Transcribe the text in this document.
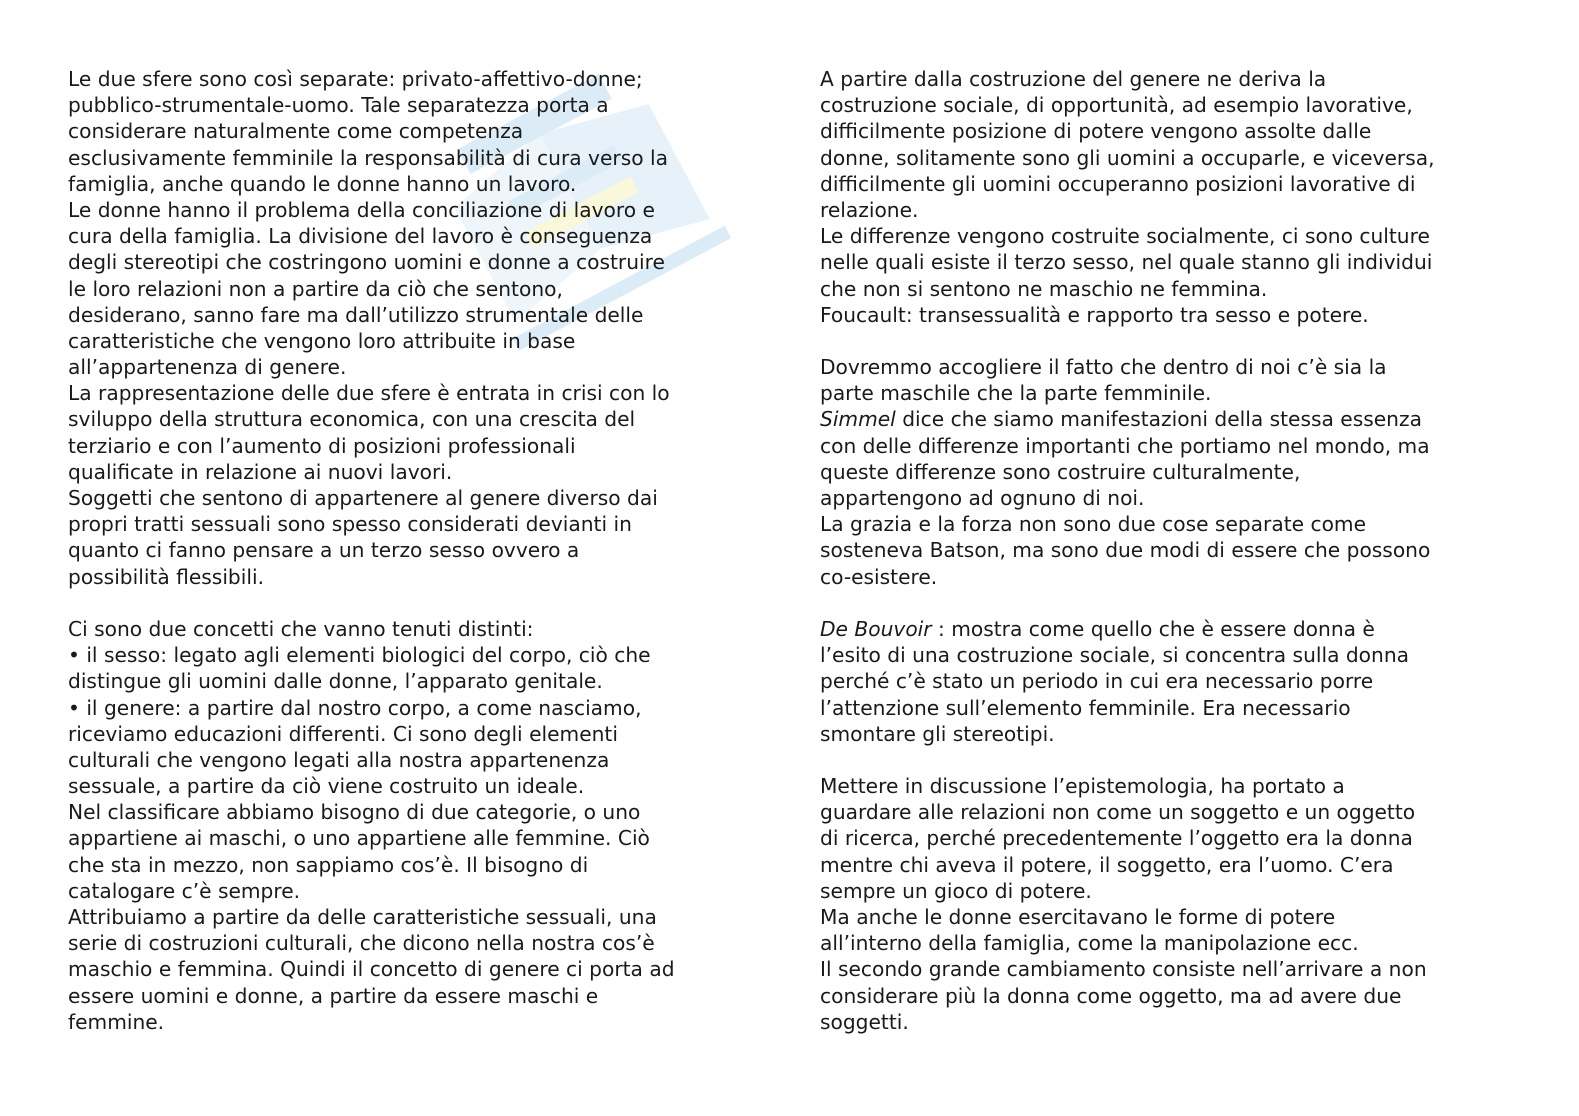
Le due sfere sono così separate: privato-affettivo-donne;
pubblico-strumentale-uomo. Tale separatezza porta a
considerare naturalmente come competenza
esclusivamente femminile la responsabilità di cura verso la
famiglia, anche quando le donne hanno un lavoro.
Le donne hanno il problema della conciliazione di lavoro e
cura della famiglia. La divisione del lavoro è conseguenza
degli stereotipi che costringono uomini e donne a costruire
le loro relazioni non a partire da ciò che sentono,
desiderano, sanno fare ma dall’utilizzo strumentale delle
caratteristiche che vengono loro attribuite in base
all’appartenenza di genere.
La rappresentazione delle due sfere è entrata in crisi con lo
sviluppo della struttura economica, con una crescita del
terziario e con l’aumento di posizioni professionali
qualificate in relazione ai nuovi lavori.
Soggetti che sentono di appartenere al genere diverso dai
propri tratti sessuali sono spesso considerati devianti in
quanto ci fanno pensare a un terzo sesso ovvero a
possibilità flessibili.
Ci sono due concetti che vanno tenuti distinti:
• il sesso: legato agli elementi biologici del corpo, ciò che
distingue gli uomini dalle donne, l’apparato genitale.
• il genere: a partire dal nostro corpo, a come nasciamo,
riceviamo educazioni differenti. Ci sono degli elementi
culturali che vengono legati alla nostra appartenenza
sessuale, a partire da ciò viene costruito un ideale.
Nel classificare abbiamo bisogno di due categorie, o uno
appartiene ai maschi, o uno appartiene alle femmine. Ciò
che sta in mezzo, non sappiamo cos’è. Il bisogno di
catalogare c’è sempre.
Attribuiamo a partire da delle caratteristiche sessuali, una
serie di costruzioni culturali, che dicono nella nostra cos’è
maschio e femmina. Quindi il concetto di genere ci porta ad
essere uomini e donne, a partire da essere maschi e
femmine.
A partire dalla costruzione del genere ne deriva la
costruzione sociale, di opportunità, ad esempio lavorative,
difficilmente posizione di potere vengono assolte dalle
donne, solitamente sono gli uomini a occuparle, e viceversa,
difficilmente gli uomini occuperanno posizioni lavorative di
relazione.
Le differenze vengono costruite socialmente, ci sono culture
nelle quali esiste il terzo sesso, nel quale stanno gli individui
che non si sentono ne maschio ne femmina.
Foucault: transessualità e rapporto tra sesso e potere.
Dovremmo accogliere il fatto che dentro di noi c’è sia la
parte maschile che la parte femminile.
Simmel dice che siamo manifestazioni della stessa essenza
con delle differenze importanti che portiamo nel mondo, ma
queste differenze sono costruire culturalmente,
appartengono ad ognuno di noi.
La grazia e la forza non sono due cose separate come
sosteneva Batson, ma sono due modi di essere che possono
co-esistere.
De Bouvoir : mostra come quello che è essere donna è
l’esito di una costruzione sociale, si concentra sulla donna
perché c’è stato un periodo in cui era necessario porre
l’attenzione sull’elemento femminile. Era necessario
smontare gli stereotipi.
Mettere in discussione l’epistemologia, ha portato a
guardare alle relazioni non come un soggetto e un oggetto
di ricerca, perché precedentemente l’oggetto era la donna
mentre chi aveva il potere, il soggetto, era l’uomo. C’era
sempre un gioco di potere.
Ma anche le donne esercitavano le forme di potere
all’interno della famiglia, come la manipolazione ecc.
Il secondo grande cambiamento consiste nell’arrivare a non
considerare più la donna come oggetto, ma ad avere due
soggetti.
